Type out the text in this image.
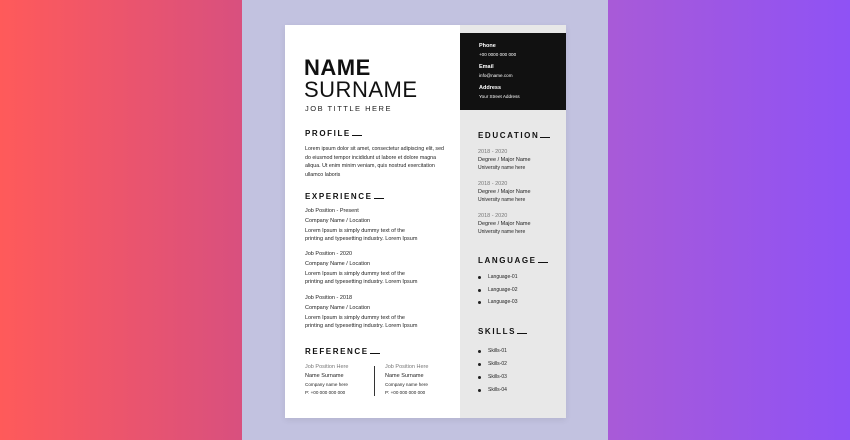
NAME
SURNAME
JOB TITTLE HERE
PROFILE
Lorem ipsum dolor sit amet, consectetur adipiscing elit, sed do eiusmod tempor incididunt ut labore et dolore magna aliqua. Ut enim minim veniam, quis nostrud exercitation ullamco laboris
EXPERIENCE
Job Position - Present
Company Name / Location
Lorem Ipsum is simply dummy text of the
printing and typesetting industry. Lorem Ipsum
Job Position - 2020
Company Name / Location
Lorem Ipsum is simply dummy text of the
printing and typesetting industry. Lorem Ipsum
Job Position - 2018
Company Name / Location
Lorem Ipsum is simply dummy text of the
printing and typesetting industry. Lorem Ipsum
REFERENCE
Job Position Here
Name Surname
Company name here
P: +00 000 000 000
Job Position Here
Name Surname
Company name here
P: +00 000 000 000
Phone
+00 0000 000 000
Email
info@name.com
Address
Your Street Address
EDUCATION
2018 - 2020
Degree / Major Name
University name here
2018 - 2020
Degree / Major Name
University name here
2018 - 2020
Degree / Major Name
University name here
LANGUAGE
Language-01
Language-02
Language-03
SKILLS
Skills-01
Skills-02
Skills-03
Skills-04
